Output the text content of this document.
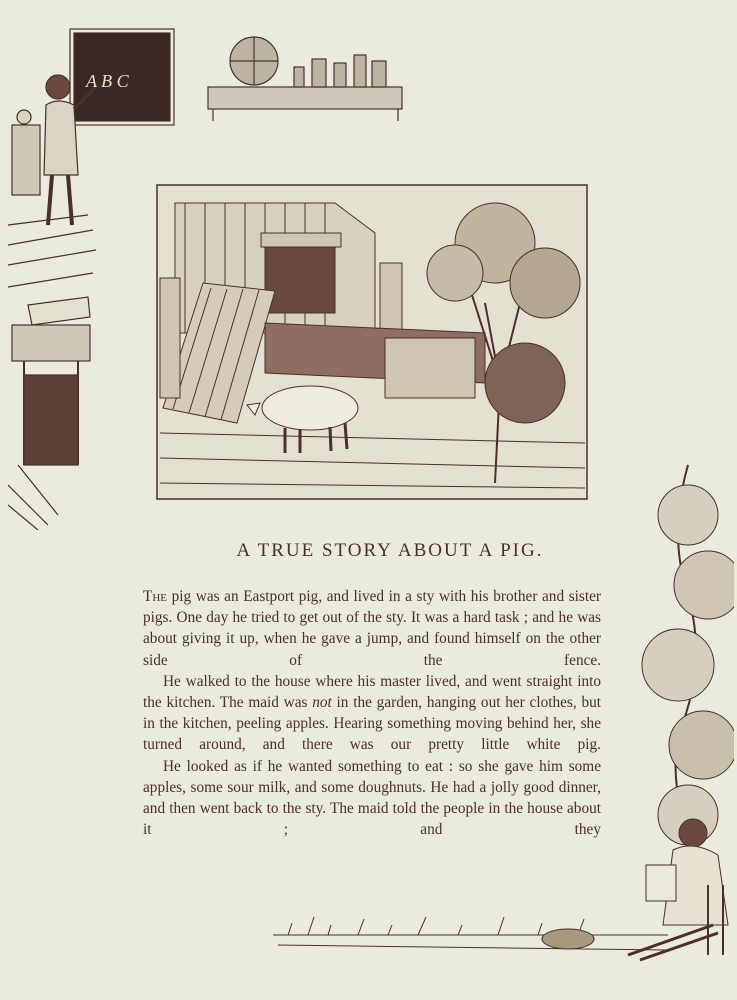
A B C
A TRUE STORY ABOUT A PIG.

The pig was an Eastport pig, and lived in a sty with his brother and sister pigs. One day he tried to get out of the sty. It was a hard task ; and he was about giving it up, when he gave a jump, and found himself on the other side of the fence.

He walked to the house where his master lived, and went straight into the kitchen. The maid was not in the garden, hanging out her clothes, but in the kitchen, peeling apples. Hearing something moving behind her, she turned around, and there was our pretty little white pig.

He looked as if he wanted something to eat : so she gave him some apples, some sour milk, and some doughnuts. He had a jolly good dinner, and then went back to the sty. The maid told the people in the house about it ; and they
